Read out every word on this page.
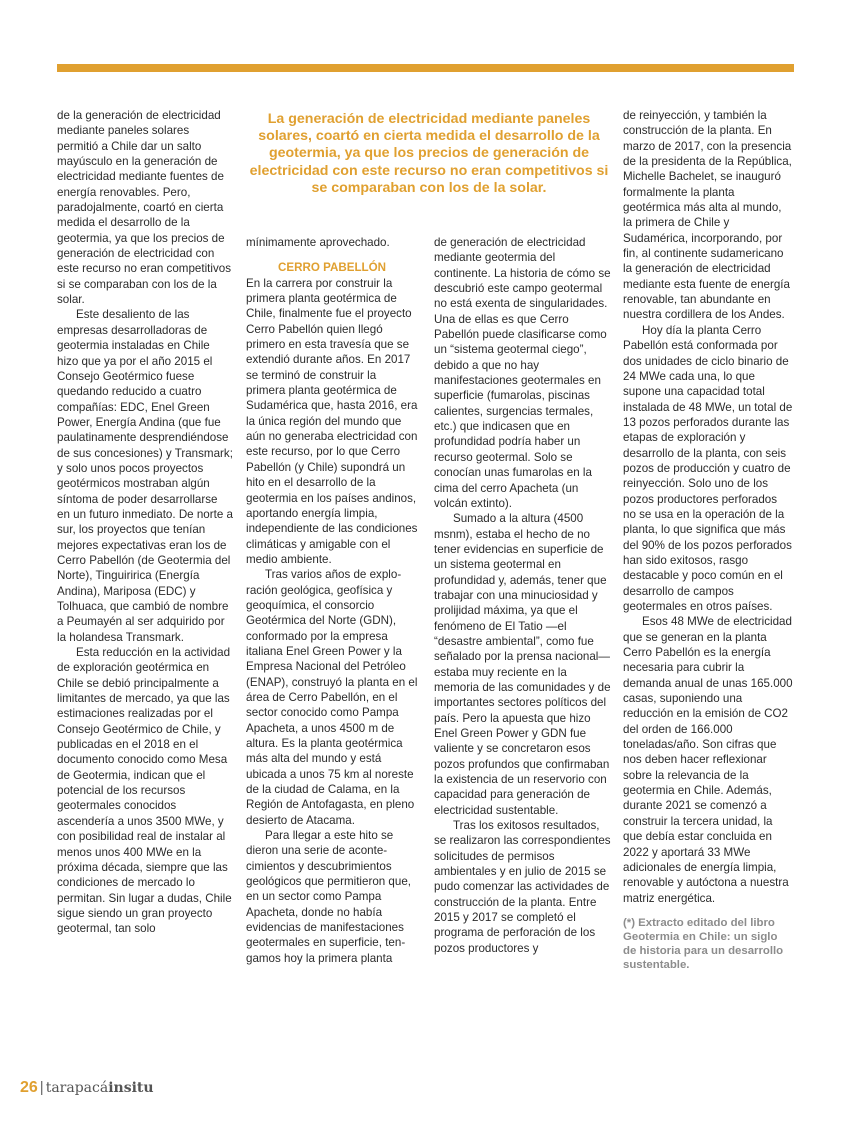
de la generación de electricidad mediante paneles solares permitió a Chile dar un salto mayúsculo en la generación de electricidad mediante fuentes de energía renovables. Pero, paradojalmente, coartó en cierta medida el desarrollo de la geotermia, ya que los precios de generación de electricidad con este recurso no eran competitivos si se comparaban con los de la solar.

Este desaliento de las empresas desarrolladoras de geotermia instaladas en Chile hizo que ya por el año 2015 el Consejo Geotérmico fuese quedando reducido a cuatro compañías: EDC, Enel Green Power, Energía Andina (que fue paulatinamente desprendiéndose de sus concesiones) y Transmark; y solo unos pocos proyectos geotérmicos mostraban algún síntoma de poder desarrollarse en un futuro inmediato. De norte a sur, los proyectos que tenían mejores expectativas eran los de Cerro Pabellón (de Geotermia del Norte), Tinguiririca (Energía Andina), Mariposa (EDC) y Tolhuaca, que cambió de nombre a Peumayén al ser adquirido por la holandesa Transmark.

Esta reducción en la actividad de exploración geotérmica en Chile se debió principalmente a limitantes de mercado, ya que las estimaciones realizadas por el Consejo Geotérmico de Chile, y publicadas en el 2018 en el documento conocido como Mesa de Geotermia, indican que el potencial de los recursos geotermales conocidos ascendería a unos 3500 MWe, y con posibilidad real de instalar al menos unos 400 MWe en la próxima década, siempre que las condiciones de mercado lo permitan. Sin lugar a dudas, Chile sigue siendo un gran proyecto geotermal, tan solo

La generación de electricidad mediante paneles solares, coartó en cierta medida el desarrollo de la geotermia, ya que los precios de generación de electricidad con este recurso no eran competitivos si se comparaban con los de la solar.

mínimamente aprovechado.

CERRO PABELLÓN

En la carrera por construir la primera planta geotérmica de Chile, finalmente fue el proyecto Cerro Pabellón quien llegó primero en esta travesía que se extendió durante años. En 2017 se terminó de construir la primera planta geotérmica de Sudamérica que, hasta 2016, era la única región del mundo que aún no generaba electricidad con este recurso, por lo que Cerro Pabellón (y Chile) supondrá un hito en el desarrollo de la geotermia en los países andinos, aportando energía limpia, independiente de las condiciones climáticas y amigable con el medio ambiente.

Tras varios años de exploración geológica, geofísica y geoquímica, el consorcio Geotérmica del Norte (GDN), conformado por la empresa italiana Enel Green Power y la Empresa Nacional del Petróleo (ENAP), construyó la planta en el área de Cerro Pabellón, en el sector conocido como Pampa Apacheta, a unos 4500 m de altura. Es la planta geotérmica más alta del mundo y está ubicada a unos 75 km al noreste de la ciudad de Calama, en la Región de Antofagasta, en pleno desierto de Atacama.

Para llegar a este hito se dieron una serie de acontecimientos y descubrimientos geológicos que permitieron que, en un sector como Pampa Apacheta, donde no había evidencias de manifestaciones geotermales en superficie, tengamos hoy la primera planta

de generación de electricidad mediante geotermia del continente. La historia de cómo se descubrió este campo geotermal no está exenta de singularidades. Una de ellas es que Cerro Pabellón puede clasificarse como un “sistema geotermal ciego”, debido a que no hay manifestaciones geotermales en superficie (fumarolas, piscinas calientes, surgencias termales, etc.) que indicasen que en profundidad podría haber un recurso geotermal. Solo se conocían unas fumarolas en la cima del cerro Apacheta (un volcán extinto).

Sumado a la altura (4500 msnm), estaba el hecho de no tener evidencias en superficie de un sistema geotermal en profundidad y, además, tener que trabajar con una minuciosidad y prolijidad máxima, ya que el fenómeno de El Tatio —el “desastre ambiental”, como fue señalado por la prensa nacional— estaba muy reciente en la memoria de las comunidades y de importantes sectores políticos del país. Pero la apuesta que hizo Enel Green Power y GDN fue valiente y se concretaron esos pozos profundos que confirmaban la existencia de un reservorio con capacidad para generación de electricidad sustentable.

Tras los exitosos resultados, se realizaron las correspondientes solicitudes de permisos ambientales y en julio de 2015 se pudo comenzar las actividades de construcción de la planta. Entre 2015 y 2017 se completó el programa de perforación de los pozos productores y

de reinyección, y también la construcción de la planta. En marzo de 2017, con la presencia de la presidenta de la República, Michelle Bachelet, se inauguró formalmente la planta geotérmica más alta al mundo, la primera de Chile y Sudamérica, incorporando, por fin, al continente sudamericano la generación de electricidad mediante esta fuente de energía renovable, tan abundante en nuestra cordillera de los Andes.

Hoy día la planta Cerro Pabellón está conformada por dos unidades de ciclo binario de 24 MWe cada una, lo que supone una capacidad total instalada de 48 MWe, un total de 13 pozos perforados durante las etapas de exploración y desarrollo de la planta, con seis pozos de producción y cuatro de reinyección. Solo uno de los pozos productores perforados no se usa en la operación de la planta, lo que significa que más del 90% de los pozos perforados han sido exitosos, rasgo destacable y poco común en el desarrollo de campos geotermales en otros países.

Esos 48 MWe de electricidad que se generan en la planta Cerro Pabellón es la energía necesaria para cubrir la demanda anual de unas 165.000 casas, suponiendo una reducción en la emisión de CO2 del orden de 166.000 toneladas/año. Son cifras que nos deben hacer reflexionar sobre la relevancia de la geotermia en Chile. Además, durante 2021 se comenzó a construir la tercera unidad, la que debía estar concluida en 2022 y aportará 33 MWe adicionales de energía limpia, renovable y autóctona a nuestra matriz energética.

(*) Extracto editado del libro Geotermia en Chile: un siglo de historia para un desarrollo sustentable.

26 | tarapacáinsitu
